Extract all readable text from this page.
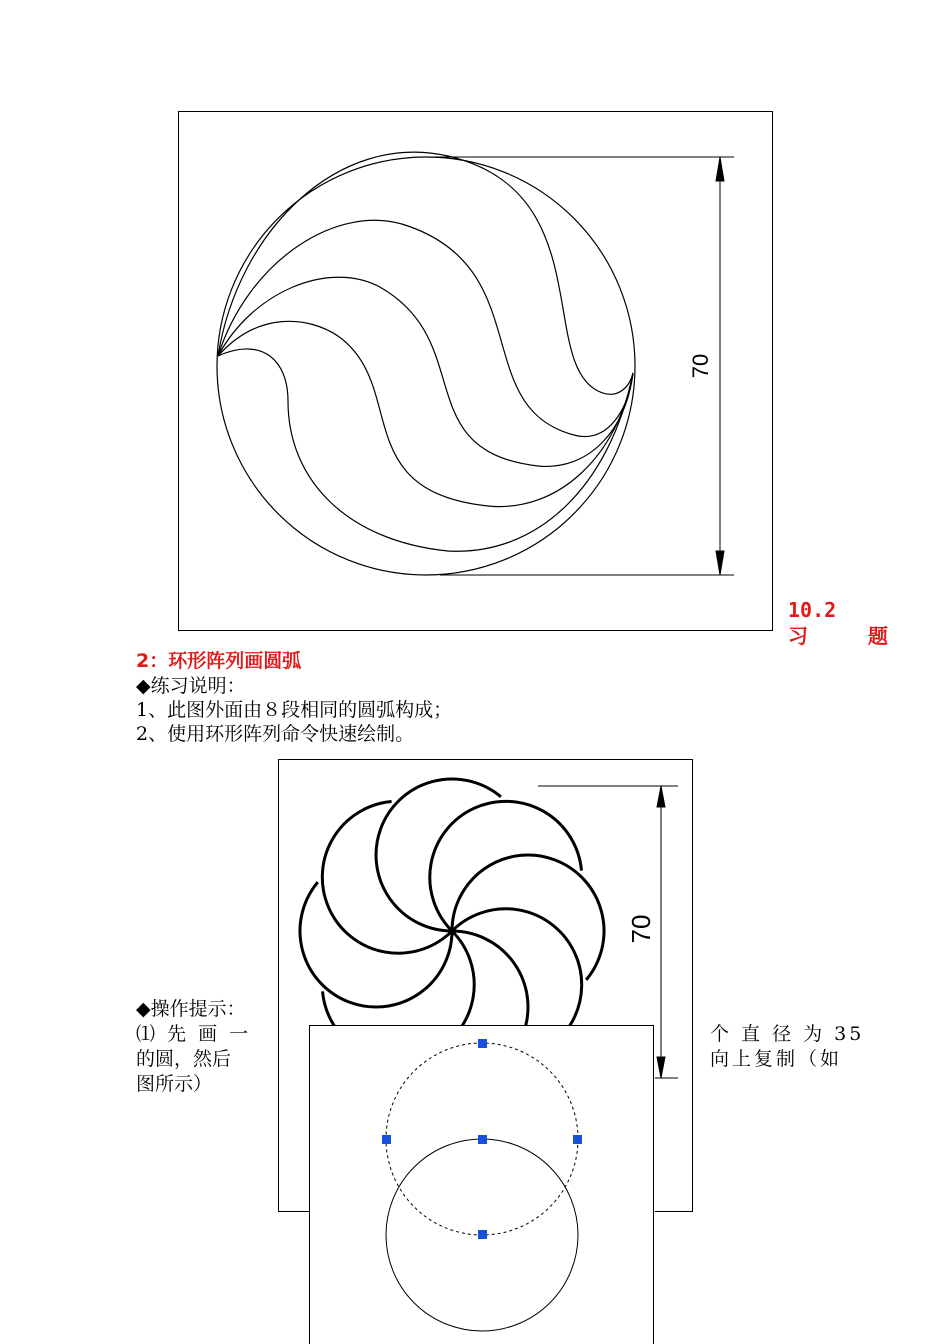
70
10.2
习 题
2：环形阵列画圆弧
◆练习说明：
1、此图外面由８段相同的圆弧构成；
2、使用环形阵列命令快速绘制。
70
◆操作提示：
⑴ 先 画 一
的圆，然后
图所示）
个 直 径 为 35
向上复制（如
